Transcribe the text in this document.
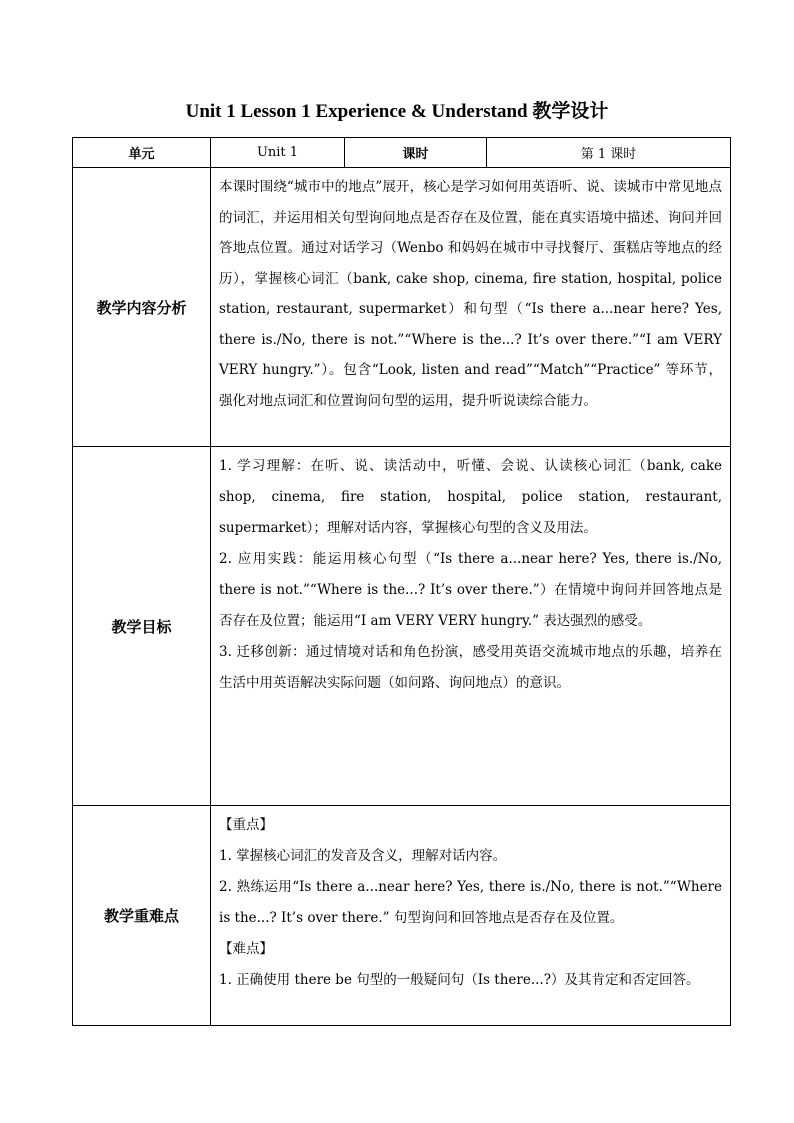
Unit 1 Lesson 1 Experience & Understand 教学设计
单元	Unit 1	课时	第 1 课时
教学内容分析	本课时围绕“城市中的地点”展开，核心是学习如何用英语听、说、读城市中常见地点的词汇，并运用相关句型询问地点是否存在及位置，能在真实语境中描述、询问并回答地点位置。通过对话学习（Wenbo 和妈妈在城市中寻找餐厅、蛋糕店等地点的经历），掌握核心词汇（bank, cake shop, cinema, fire station, hospital, police station, restaurant, supermarket）和句型（“Is there a...near here? Yes, there is./No, there is not.”“Where is the...? It’s over there.”“I am VERY VERY hungry.”）。包含“Look, listen and read”“Match”“Practice” 等环节，强化对地点词汇和位置询问句型的运用，提升听说读综合能力。		

教学目标	1. 学习理解：在听、说、读活动中，听懂、会说、认读核心词汇（bank, cake shop, cinema, fire station, hospital, police station, restaurant, supermarket）；理解对话内容，掌握核心句型的含义及用法。

2. 应用实践：能运用核心句型（“Is there a...near here? Yes, there is./No, there is not.”“Where is the...? It’s over there.”）在情境中询问并回答地点是否存在及位置；能运用“I am VERY VERY hungry.” 表达强烈的感受。

3. 迁移创新：通过情境对话和角色扮演，感受用英语交流城市地点的乐趣，培养在生活中用英语解决实际问题（如问路、询问地点）的意识。		

教学重难点	【重点】

1. 掌握核心词汇的发音及含义，理解对话内容。

2. 熟练运用“Is there a...near here? Yes, there is./No, there is not.”“Where is the...? It’s over there.” 句型询问和回答地点是否存在及位置。

【难点】

1. 正确使用 there be 句型的一般疑问句（Is there...?）及其肯定和否定回答。		
